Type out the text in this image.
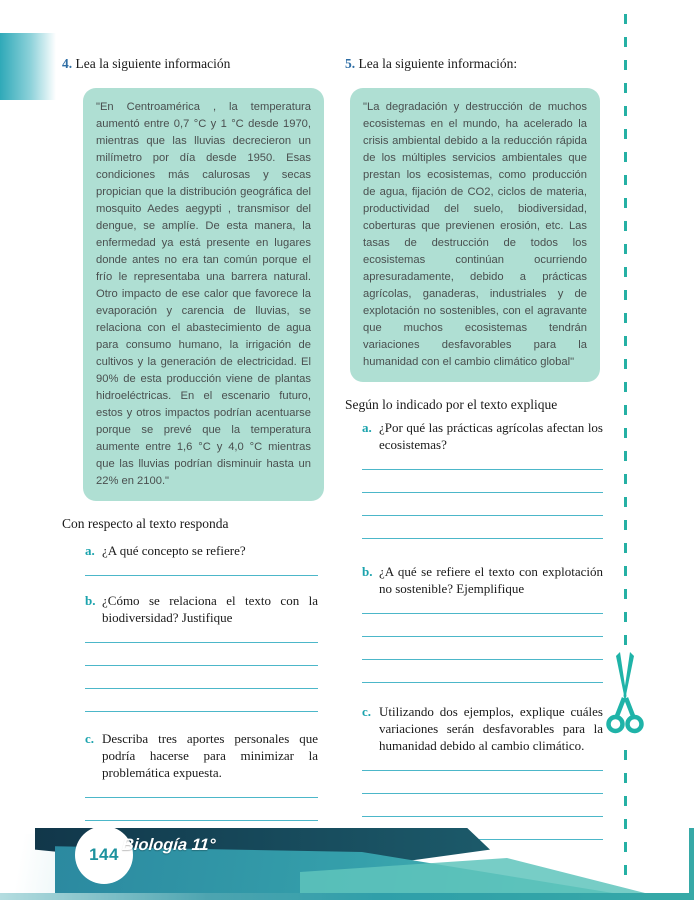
4. Lea la siguiente información
"En Centroamérica , la temperatura aumentó entre 0,7 °C y 1 °C desde 1970, mientras que las lluvias decrecieron un milímetro por día desde 1950. Esas condiciones más calurosas y secas propician que la distribución geográfica del mosquito Aedes aegypti , transmisor del dengue, se amplíe. De esta manera, la enfermedad ya está presente en lugares donde antes no era tan común porque el frío le representaba una barrera natural. Otro impacto de ese calor que favorece la evaporación y carencia de lluvias, se relaciona con el abastecimiento de agua para consumo humano, la irrigación de cultivos y la generación de electricidad. El 90% de esta producción viene de plantas hidroeléctricas. En el escenario futuro, estos y otros impactos podrían acentuarse porque se prevé que la temperatura aumente entre 1,6 °C y 4,0 °C mientras que las lluvias podrían disminuir hasta un 22% en 2100."
Con respecto al texto responda
a. ¿A qué concepto se refiere?
b. ¿Cómo se relaciona el texto con la biodiversidad? Justifique
c. Describa tres aportes personales que podría hacerse para minimizar la problemática expuesta.
5. Lea la siguiente información:
"La degradación y destrucción de muchos ecosistemas en el mundo, ha acelerado la crisis ambiental debido a la reducción rápida de los múltiples servicios ambientales que prestan los ecosistemas, como producción de agua, fijación de CO2, ciclos de materia, productividad del suelo, biodiversidad, coberturas que previenen erosión, etc. Las tasas de destrucción de todos los ecosistemas continúan ocurriendo apresuradamente, debido a prácticas agrícolas, ganaderas, industriales y de explotación no sostenibles, con el agravante que muchos ecosistemas tendrán variaciones desfavorables para la humanidad con el cambio climático global"
Según lo indicado por el texto explique
a. ¿Por qué las prácticas agrícolas afectan los ecosistemas?
b. ¿A qué se refiere el texto con explotación no sostenible? Ejemplifique
c. Utilizando dos ejemplos, explique cuáles variaciones serán desfavorables para la humanidad debido al cambio climático.
144 Biología 11°
